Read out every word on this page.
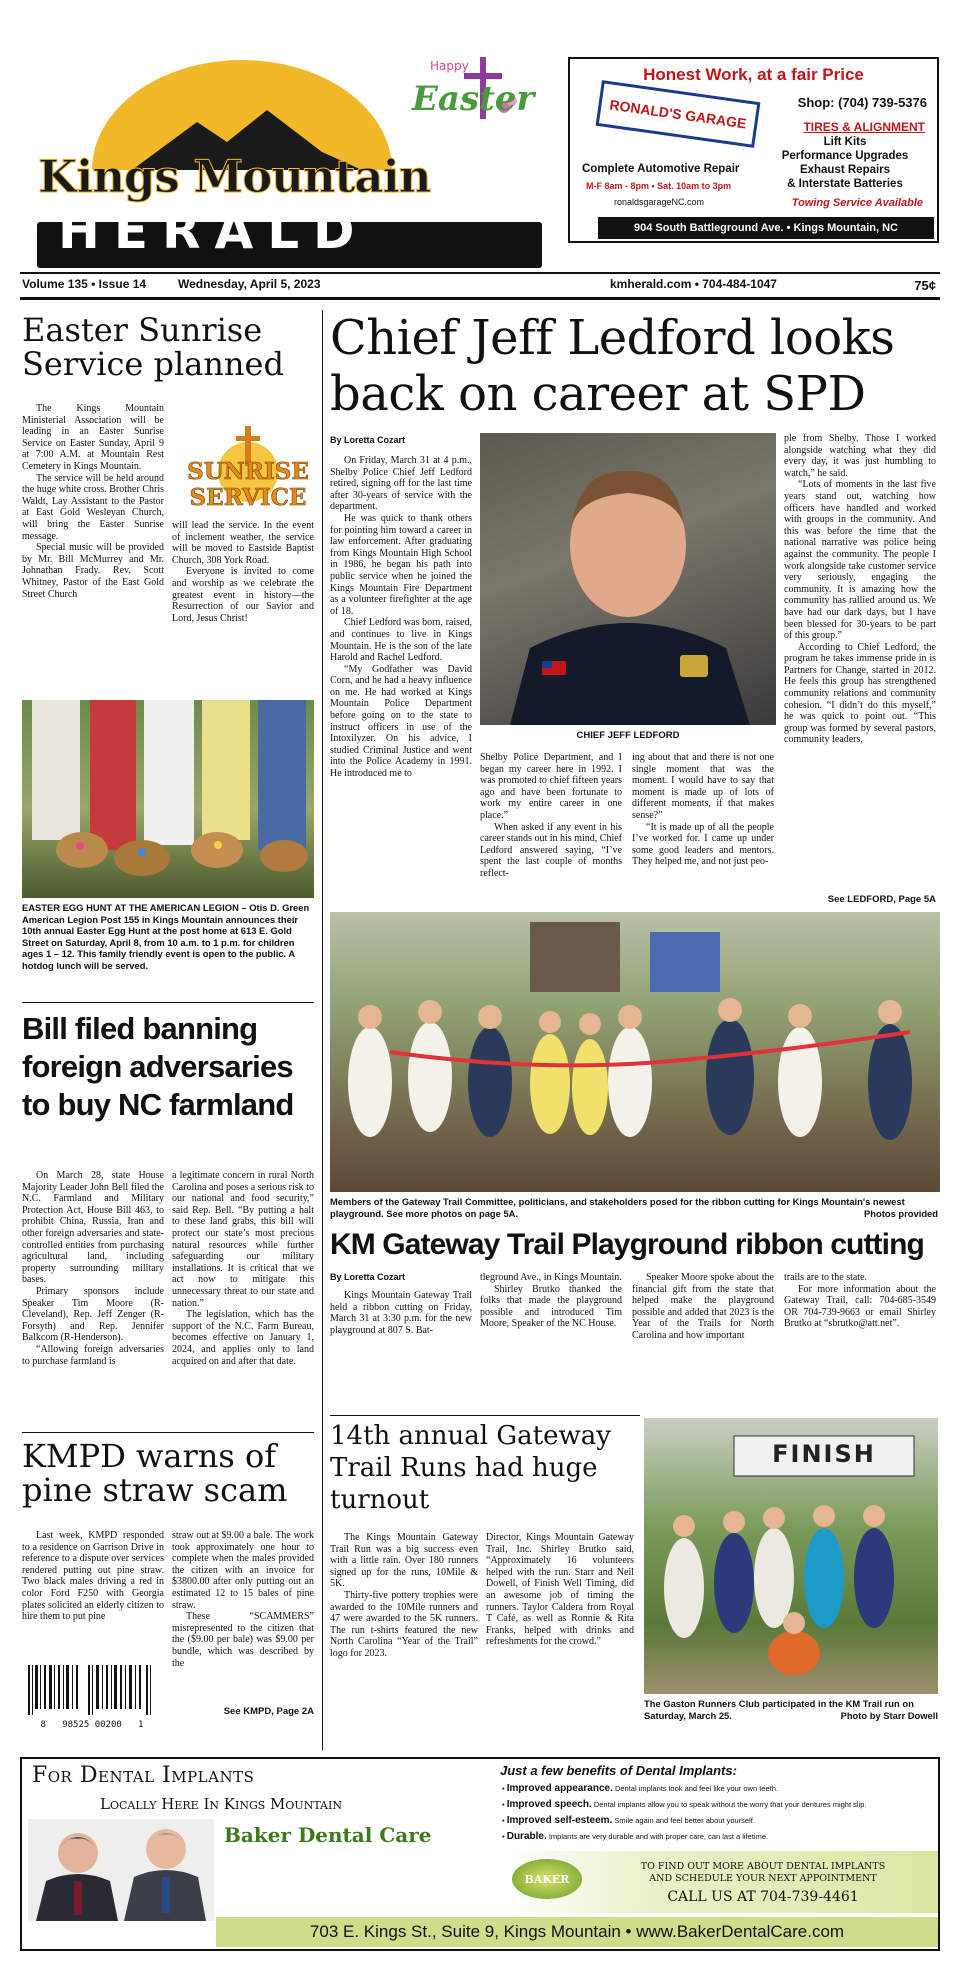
Kings Mountain
HERALD
Happy
Easter
Honest Work, at a fair Price
RONALD'S GARAGE	Shop: (704) 739-5376
TIRES & ALIGNMENT
Lift Kits
Performance Upgrades
Exhaust Repairs
& Interstate Batteries
Complete Automotive Repair
M-F 8am - 8pm • Sat. 10am to 3pm
ronaldsgarageNC.com	Towing Service Available
904 South Battleground Ave. • Kings Mountain, NC
Volume 135 • Issue 14	Wednesday, April 5, 2023	kmherald.com • 704-484-1047	75¢
Easter Sunrise Service planned
SUNRISE
SERVICE

The Kings Mountain Ministerial Association will be leading in an Easter Sunrise Service on Easter Sunday, April 9 at 7:00 A.M. at Mountain Rest Cemetery in Kings Mountain.

The service will be held around the huge white cross. Brother Chris Waldt, Lay Assistant to the Pastor at East Gold Wesleyan Church, will bring the Easter Sunrise message.

Special music will be provided by Mr. Bill McMurrey and Mr. Johnathan Frady. Rev. Scott Whitney, Pastor of the East Gold Street Church

will lead the service. In the event of inclement weather, the service will be moved to Eastside Baptist Church, 308 York Road.

Everyone is invited to come and worship as we celebrate the greatest event in history—the Resurrection of our Savior and Lord, Jesus Christ!

EASTER EGG HUNT AT THE AMERICAN LEGION – Otis D. Green American Legion Post 155 in Kings Mountain announces their 10th annual Easter Egg Hunt at the post home at 613 E. Gold Street on Saturday, April 8, from 10 a.m. to 1 p.m. for children ages 1 – 12. This family friendly event is open to the public. A hotdog lunch will be served.
Bill filed banning foreign adversaries to buy NC farmland

On March 28, state House Majority Leader John Bell filed the N.C. Farmland and Military Protection Act, House Bill 463, to prohibit China, Russia, Iran and other foreign adversaries and state-controlled entities from purchasing agricultural land, including property surrounding military bases.

Primary sponsors include Speaker Tim Moore (R-Cleveland), Rep. Jeff Zenger (R-Forsyth) and Rep. Jennifer Balkcom (R-Henderson).

“Allowing foreign adversaries to purchase farmland is

a legitimate concern in rural North Carolina and poses a serious risk to our national and food security,” said Rep. Bell. “By putting a halt to these land grabs, this bill will protect our state’s most precious natural resources while further safeguarding our military installations. It is critical that we act now to mitigate this unnecessary threat to our state and nation.”

The legislation, which has the support of the N.C. Farm Bureau, becomes effective on January 1, 2024, and applies only to land acquired on and after that date.

KMPD warns of pine straw scam

Last week, KMPD responded to a residence on Garrison Drive in reference to a dispute over services rendered putting out pine straw. Two black males driving a red in color Ford F250 with Georgia plates solicited an elderly citizen to hire them to put pine

straw out at $9.00 a bale. The work took approximately one hour to complete when the males provided the citizen with an invoice for $3800.00 after only putting out an estimated 12 to 15 bales of pine straw.

These “SCAMMERS” misrepresented to the citizen that the ($9.00 per bale) was $9.00 per bundle, which was described by the

See KMPD, Page 2A
8   98525 00200   1
Chief Jeff Ledford looks back on career at SPD
By Loretta Cozart

On Friday, March 31 at 4 p.m., Shelby Police Chief Jeff Ledford retired, signing off for the last time after 30-years of service with the department.

He was quick to thank others for pointing him toward a career in law enforcement. After graduating from Kings Mountain High School in 1986, he began his path into public service when he joined the Kings Mountain Fire Department as a volunteer firefighter at the age of 18.

Chief Ledford was born, raised, and continues to live in Kings Mountain. He is the son of the late Harold and Rachel Ledford.

“My Godfather was David Corn, and he had a heavy influence on me. He had worked at Kings Mountain Police Department before going on to the state to instruct officers in use of the Intoxilyzer. On his advice, I studied Criminal Justice and went into the Police Academy in 1991. He introduced me to

CHIEF JEFF LEDFORD

Shelby Police Department, and I began my career here in 1992. I was promoted to chief fifteen years ago and have been fortunate to work my entire career in one place.”

When asked if any event in his career stands out in his mind, Chief Ledford answered saying, “I’ve spent the last couple of months reflect-

ing about that and there is not one single moment that was the moment. I would have to say that moment is made up of lots of different moments, if that makes sense?”

“It is made up of all the people I’ve worked for. I came up under some good leaders and mentors. They helped me, and not just peo-

ple from Shelby. Those I worked alongside watching what they did every day, it was just humbling to watch,” he said.

“Lots of moments in the last five years stand out, watching how officers have handled and worked with groups in the community. And this was before the time that the national narrative was police being against the community. The people I work alongside take customer service very seriously, engaging the community. It is amazing how the community has rallied around us. We have had our dark days, but I have been blessed for 30-years to be part of this group.”

According to Chief Ledford, the program he takes immense pride in is Partners for Change, started in 2012. He feels this group has strengthened community relations and community cohesion. “I didn’t do this myself,” he was quick to point out. “This group was formed by several pastors, community leaders,

See LEDFORD, Page 5A
Members of the Gateway Trail Committee, politicians, and stakeholders posed for the ribbon cutting for Kings Mountain's newest playground. See more photos on page 5A.	Photos provided
KM Gateway Trail Playground ribbon cutting
By Loretta Cozart

Kings Mountain Gateway Trail held a ribbon cutting on Friday, March 31 at 3:30 p.m. for the new playground at 807 S. Bat-

tleground Ave., in Kings Mountain.

Shirley Brutko thanked the folks that made the playground possible and introduced Tim Moore, Speaker of the NC House.

Speaker Moore spoke about the financial gift from the state that helped make the playground possible and added that 2023 is the Year of the Trails for North Carolina and how important

trails are to the state.

For more information about the Gateway Trail, call: 704-685-3549 OR 704-739-9663 or email Shirley Brutko at “sbrutko@att.net”.

14th annual Gateway Trail Runs had huge turnout

The Kings Mountain Gateway Trail Run was a big success even with a little rain. Over 180 runners signed up for the runs, 10Mile & 5K.

Thirty-five pottery trophies were awarded to the 10Mile runners and 47 were awarded to the 5K runners. The run t-shirts featured the new North Carolina “Year of the Trail” logo for 2023.

Director, Kings Mountain Gateway Trail, Inc. Shirley Brutko said, “Approximately 16 volunteers helped with the run. Starr and Neil Dowell, of Finish Well Timing, did an awesome job of timing the runners. Taylor Caldera from Royal T Café, as well as Ronnie & Rita Franks, helped with drinks and refreshments for the crowd.”

FINISH
The Gaston Runners Club participated in the KM Trail run on Saturday, March 25.	Photo by Starr Dowell
For Dental Implants
Locally Here In Kings Mountain
Baker Dental Care
Just a few benefits of Dental Implants:
• Improved appearance. Dental implants look and feel like your own teeth.
• Improved speech. Dental implants allow you to speak without the worry that your dentures might slip.
• Improved self-esteem. Smile again and feel better about yourself.
• Durable. Implants are very durable and with proper care, can last a lifetime.
BAKER
TO FIND OUT MORE ABOUT DENTAL IMPLANTS
AND SCHEDULE YOUR NEXT APPOINTMENT
CALL US AT 704-739-4461
703 E. Kings St., Suite 9, Kings Mountain • www.BakerDentalCare.com
